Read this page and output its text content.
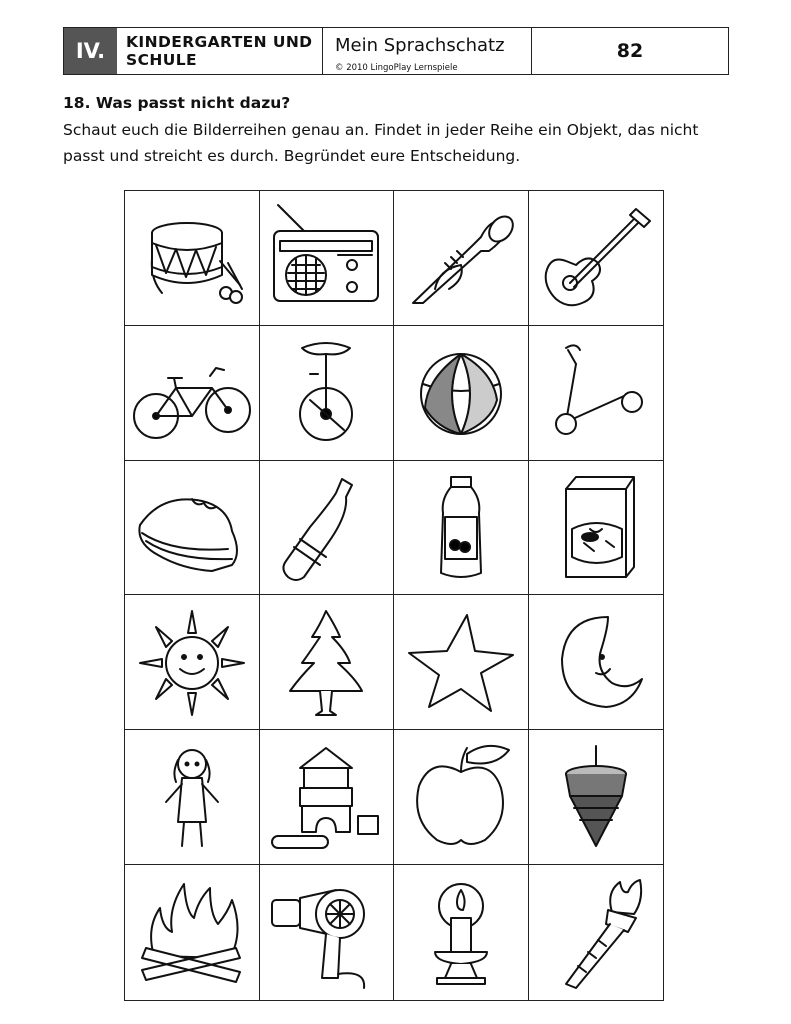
IV.	KINDERGARTEN UND SCHULE
Mein Sprachschatz
© 2010 LingoPlay Lernspiele
82
18. Was passt nicht dazu?
Schaut euch die Bilderreihen genau an. Findet in jeder Reihe ein Objekt, das nicht passt und streicht es durch. Begründet eure Entscheidung.
